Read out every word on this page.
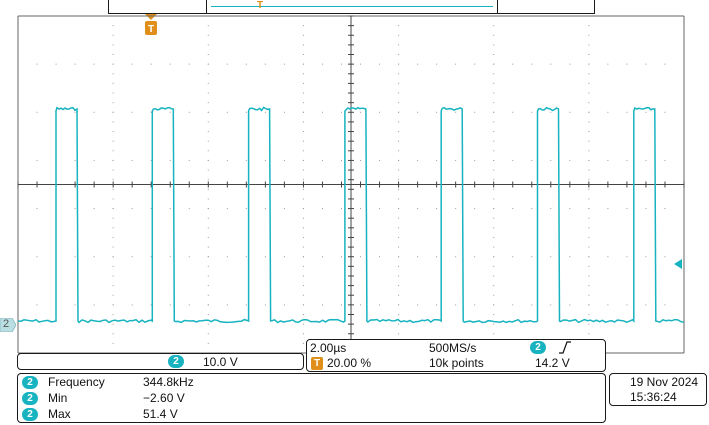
T
T
2
2	10.0 V
2.00µs	500MS/s	2
T 20.00 %	10k points	14.2 V
2	Frequency	344.8kHz
2	Min	−2.60 V
2	Max	51.4 V
19 Nov 2024
15:36:24
